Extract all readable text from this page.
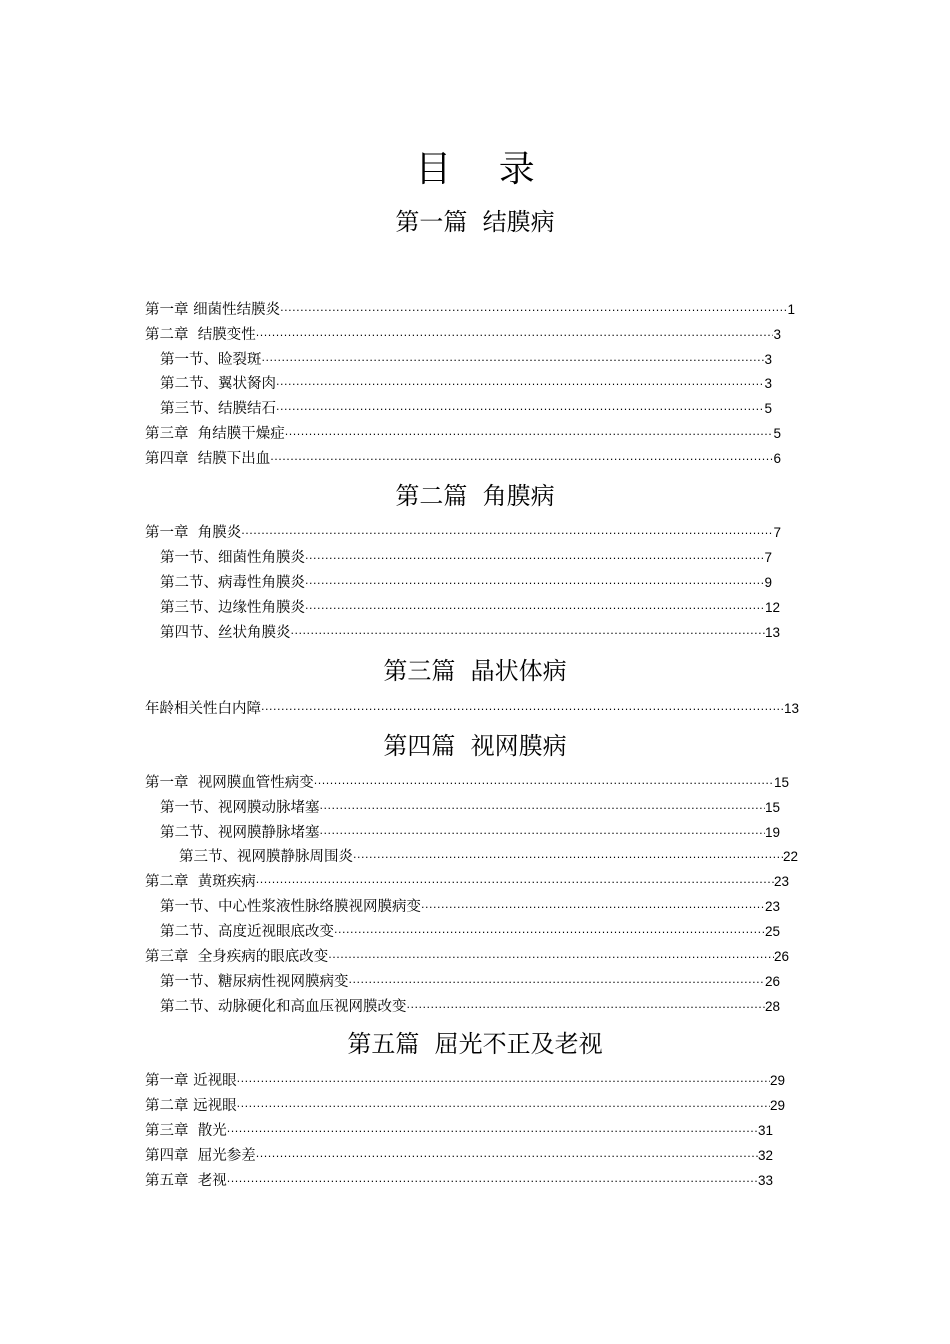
目 录
第一篇  结膜病
第一章 细菌性结膜炎 ·····	1
第二章  结膜变性 ·····	3
第一节、睑裂斑 ·····	3
第二节、翼状胬肉 ·····	3
第三节、结膜结石 ·····	5
第三章  角结膜干燥症 ·····	5
第四章  结膜下出血 ·····	6
第二篇  角膜病
第一章  角膜炎 ·····	7
第一节、细菌性角膜炎 ·····	7
第二节、病毒性角膜炎 ·····	9
第三节、边缘性角膜炎 ·····	12
第四节、丝状角膜炎 ·····	13
第三篇  晶状体病
年龄相关性白内障 ·····	13
第四篇  视网膜病
第一章  视网膜血管性病变 ·····	15
第一节、视网膜动脉堵塞 ·····	15
第二节、视网膜静脉堵塞 ·····	19
第三节、视网膜静脉周围炎 ·····	22
第二章  黄斑疾病 ·····	23
第一节、中心性浆液性脉络膜视网膜病变 ·····	23
第二节、高度近视眼底改变 ·····	25
第三章  全身疾病的眼底改变 ·····	26
第一节、糖尿病性视网膜病变 ·····	26
第二节、动脉硬化和高血压视网膜改变 ·····	28
第五篇  屈光不正及老视
第一章 近视眼 ·····	29
第二章 远视眼 ·····	29
第三章  散光 ·····	31
第四章  屈光参差 ·····	32
第五章  老视 ·····	33
